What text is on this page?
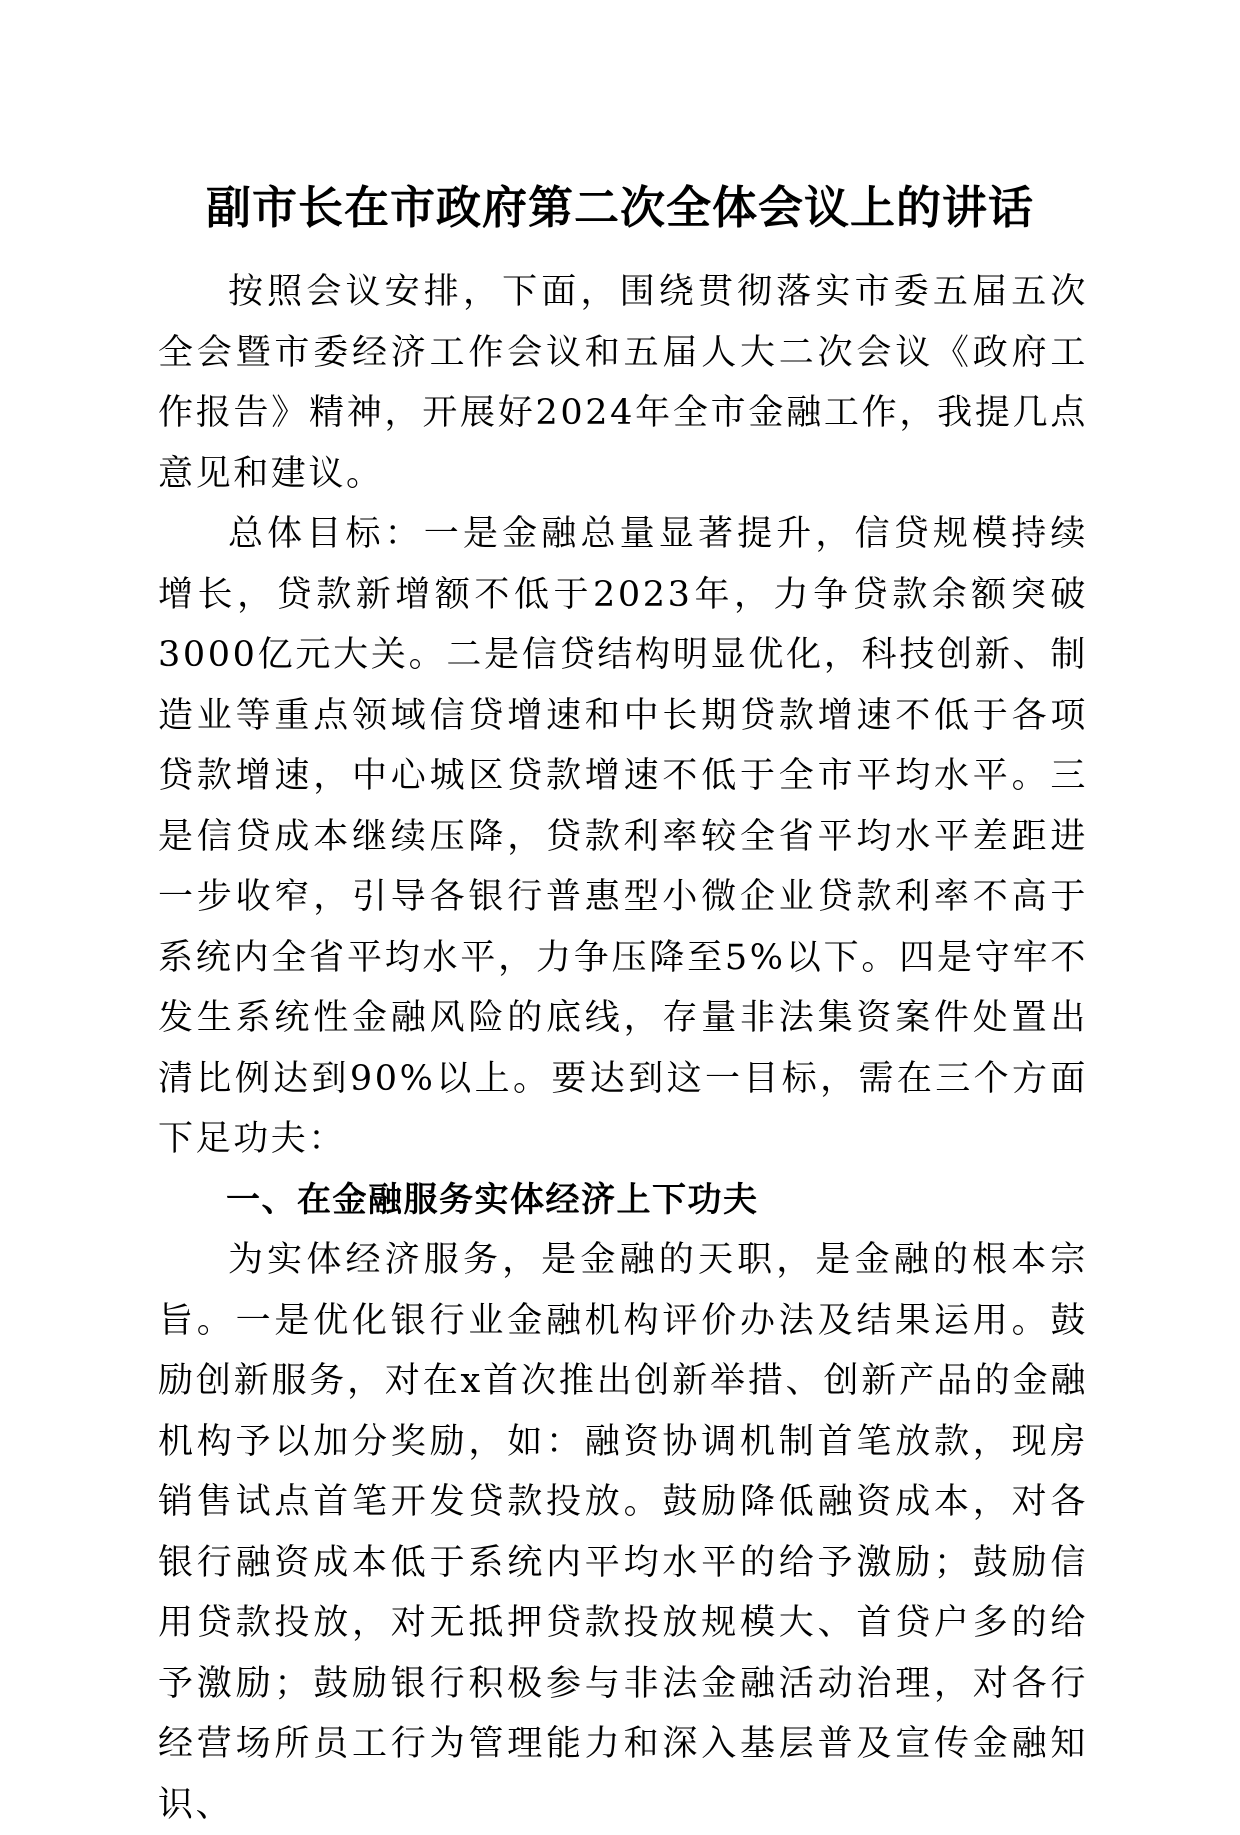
副市长在市政府第二次全体会议上的讲话

按照会议安排，下面，围绕贯彻落实市委五届五次全会暨市委经济工作会议和五届人大二次会议《政府工作报告》精神，开展好2024年全市金融工作，我提几点意见和建议。

总体目标：一是金融总量显著提升，信贷规模持续增长，贷款新增额不低于2023年，力争贷款余额突破3000亿元大关。二是信贷结构明显优化，科技创新、制造业等重点领域信贷增速和中长期贷款增速不低于各项贷款增速，中心城区贷款增速不低于全市平均水平。三是信贷成本继续压降，贷款利率较全省平均水平差距进一步收窄，引导各银行普惠型小微企业贷款利率不高于系统内全省平均水平，力争压降至5%以下。四是守牢不发生系统性金融风险的底线，存量非法集资案件处置出清比例达到90%以上。要达到这一目标，需在三个方面下足功夫：

一、在金融服务实体经济上下功夫

为实体经济服务，是金融的天职，是金融的根本宗旨。一是优化银行业金融机构评价办法及结果运用。鼓励创新服务，对在x首次推出创新举措、创新产品的金融机构予以加分奖励，如：融资协调机制首笔放款，现房销售试点首笔开发贷款投放。鼓励降低融资成本，对各银行融资成本低于系统内平均水平的给予激励；鼓励信用贷款投放，对无抵押贷款投放规模大、首贷户多的给予激励；鼓励银行积极参与非法金融活动治理，对各行经营场所员工行为管理能力和深入基层普及宣传金融知识、
